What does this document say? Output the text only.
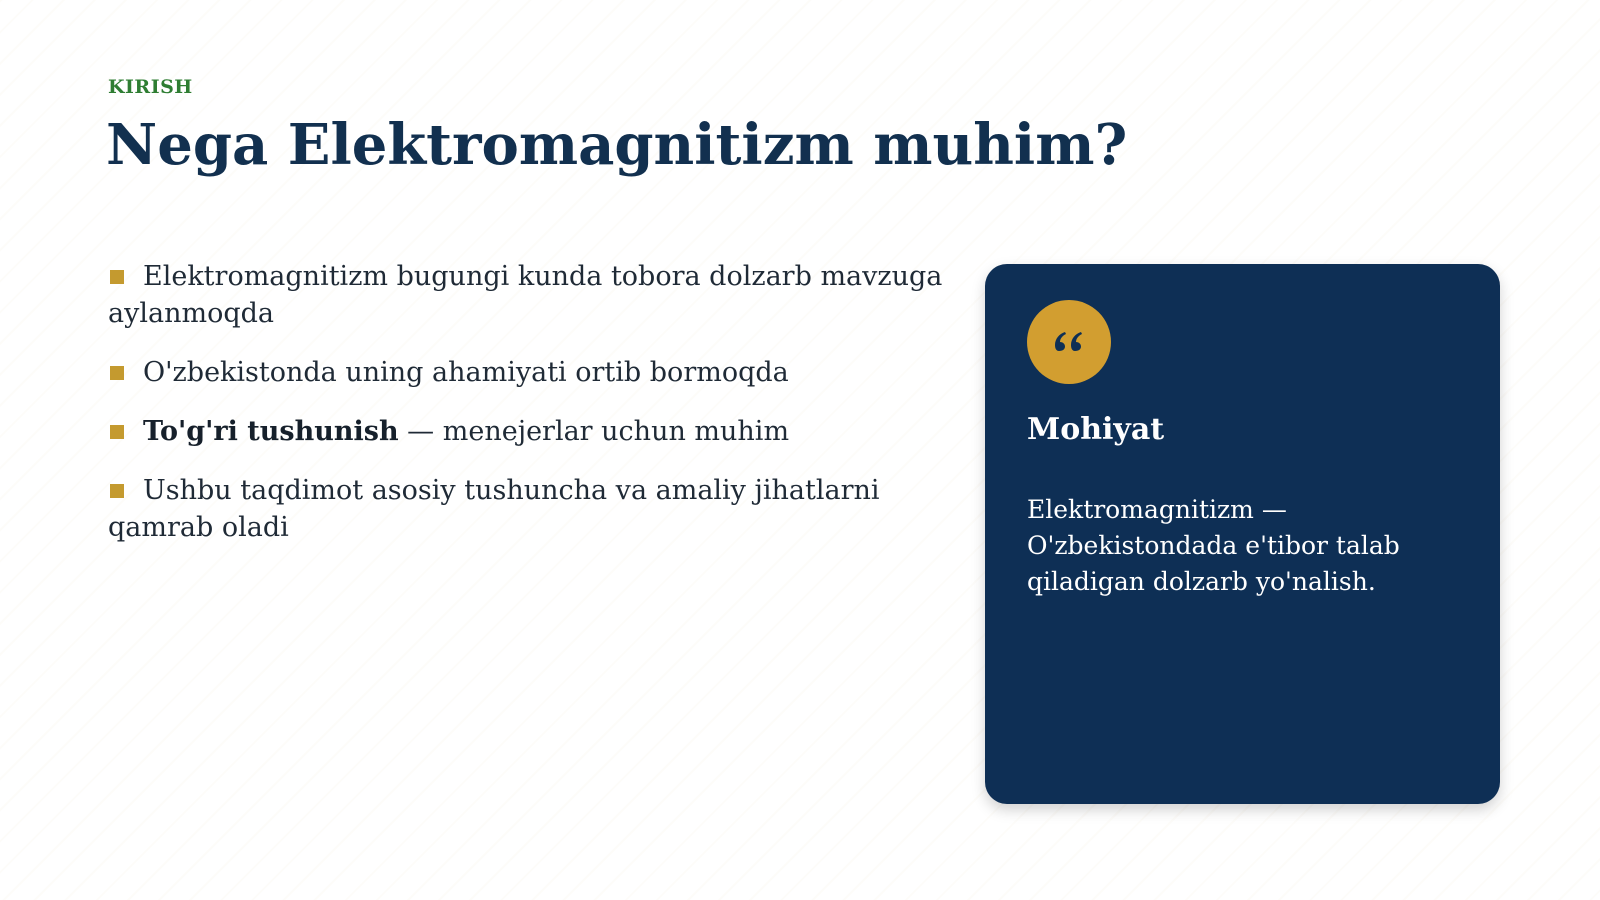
KIRISH
Nega Elektromagnitizm muhim?
Elektromagnitizm bugungi kunda tobora dolzarb mavzuga aylanmoqda
O'zbekistonda uning ahamiyati ortib bormoqda
To'g'ri tushunish — menejerlar uchun muhim
Ushbu taqdimot asosiy tushuncha va amaliy jihatlarni qamrab oladi
Mohiyat
Elektromagnitizm — O'zbekistondada e'tibor talab qiladigan dolzarb yo'nalish.
